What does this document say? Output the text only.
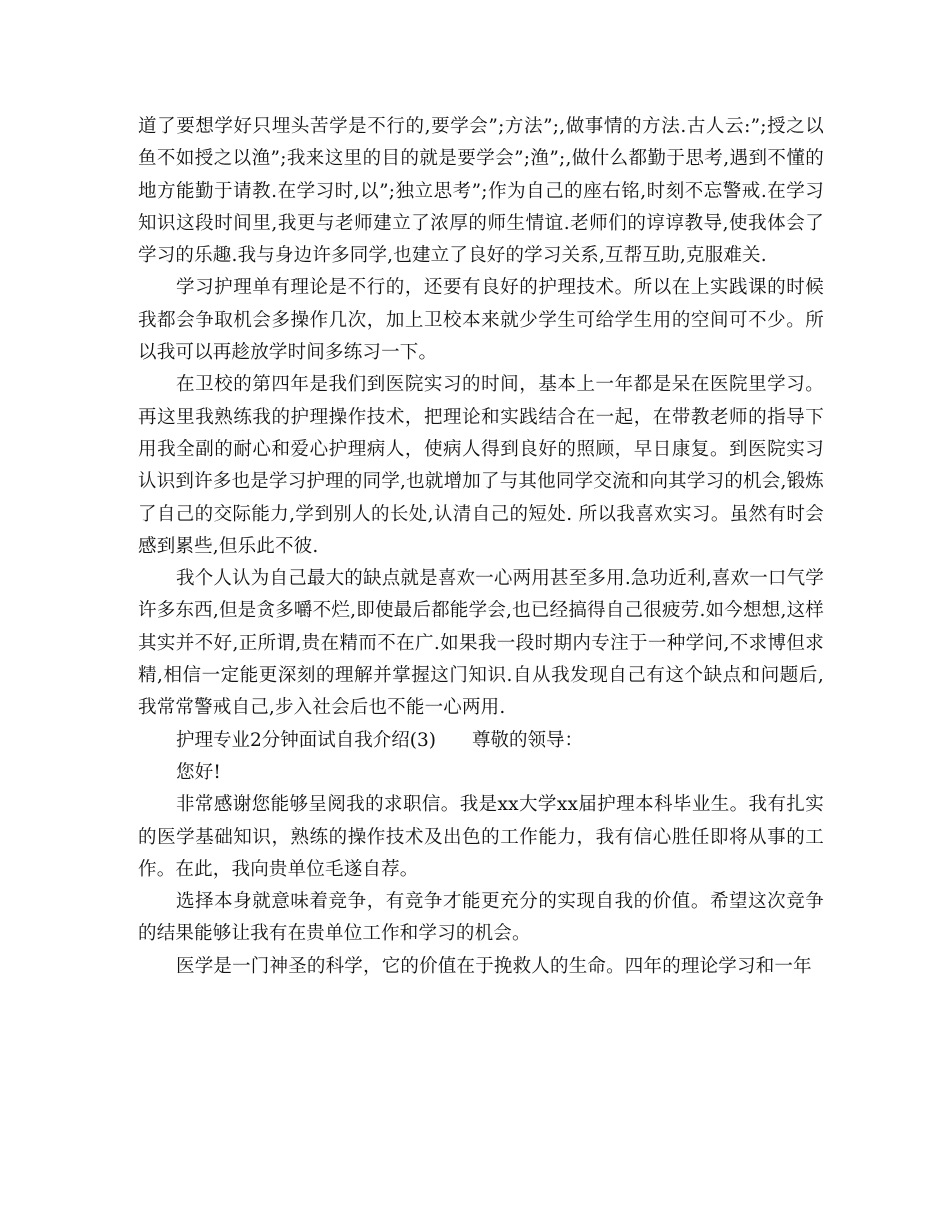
道了要想学好只埋头苦学是不行的,要学会”;方法”;,做事情的方法.古人云:”;授之以鱼不如授之以渔”;我来这里的目的就是要学会”;渔”;,做什么都勤于思考,遇到不懂的地方能勤于请教.在学习时,以”;独立思考”;作为自己的座右铭,时刻不忘警戒.在学习知识这段时间里,我更与老师建立了浓厚的师生情谊.老师们的谆谆教导,使我体会了学习的乐趣.我与身边许多同学,也建立了良好的学习关系,互帮互助,克服难关.

学习护理单有理论是不行的，还要有良好的护理技术。所以在上实践课的时候我都会争取机会多操作几次，加上卫校本来就少学生可给学生用的空间可不少。所以我可以再趁放学时间多练习一下。

在卫校的第四年是我们到医院实习的时间，基本上一年都是呆在医院里学习。再这里我熟练我的护理操作技术，把理论和实践结合在一起，在带教老师的指导下用我全副的耐心和爱心护理病人，使病人得到良好的照顾，早日康复。到医院实习认识到许多也是学习护理的同学,也就增加了与其他同学交流和向其学习的机会,锻炼了自己的交际能力,学到别人的长处,认清自己的短处. 所以我喜欢实习。虽然有时会感到累些,但乐此不彼.

我个人认为自己最大的缺点就是喜欢一心两用甚至多用.急功近利,喜欢一口气学许多东西,但是贪多嚼不烂,即使最后都能学会,也已经搞得自己很疲劳.如今想想,这样其实并不好,正所谓,贵在精而不在广.如果我一段时期内专注于一种学问,不求博但求精,相信一定能更深刻的理解并掌握这门知识.自从我发现自己有这个缺点和问题后,我常常警戒自己,步入社会后也不能一心两用.

护理专业2分钟面试自我介绍(3) 尊敬的领导：

您好!

非常感谢您能够呈阅我的求职信。我是xx大学xx届护理本科毕业生。我有扎实的医学基础知识，熟练的操作技术及出色的工作能力，我有信心胜任即将从事的工作。在此，我向贵单位毛遂自荐。

选择本身就意味着竞争，有竞争才能更充分的实现自我的价值。希望这次竞争的结果能够让我有在贵单位工作和学习的机会。

医学是一门神圣的科学，它的价值在于挽救人的生命。四年的理论学习和一年
